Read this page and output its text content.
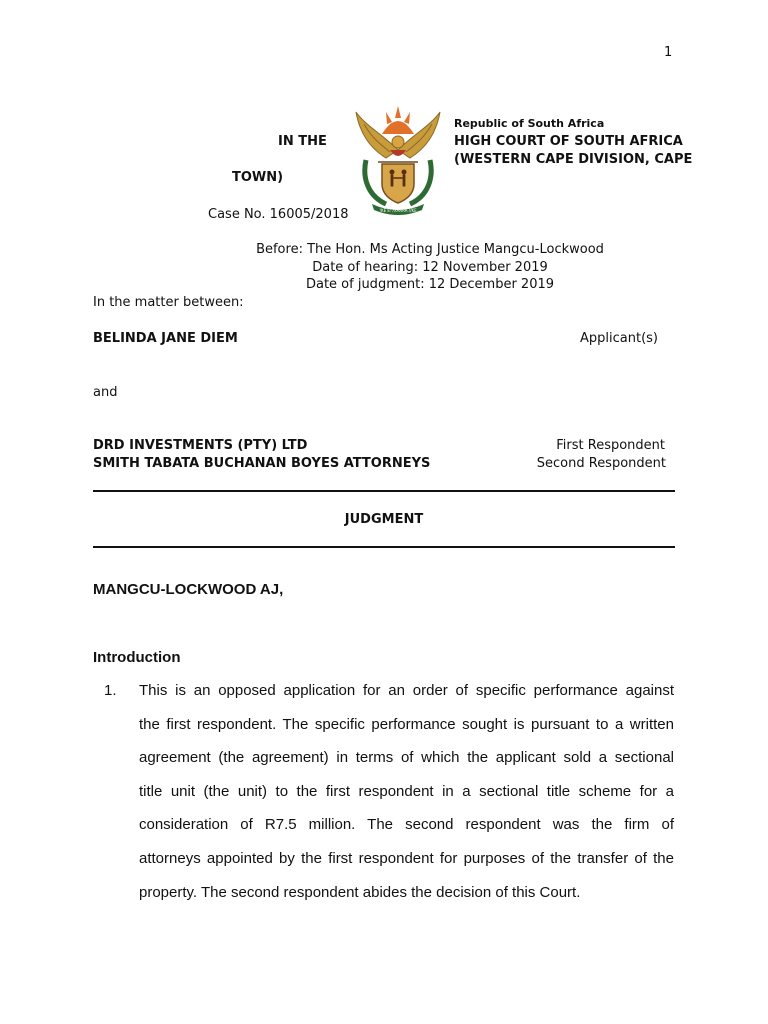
1
IN THE
TOWN)
!KE E: /XARRA //KE
Republic of South Africa
HIGH COURT OF SOUTH AFRICA
(WESTERN CAPE DIVISION, CAPE
Case No. 16005/2018
Before: The Hon. Ms Acting Justice Mangcu-Lockwood
Date of hearing: 12 November 2019
Date of judgment: 12 December 2019
In the matter between:
BELINDA JANE DIEM	Applicant(s)
and
DRD INVESTMENTS (PTY) LTD	First Respondent
SMITH TABATA BUCHANAN BOYES ATTORNEYS	Second Respondent
JUDGMENT
MANGCU-LOCKWOOD AJ,
Introduction
1. This is an opposed application for an order of specific performance against
the first respondent. The specific performance sought is pursuant to a written
agreement (the agreement) in terms of which the applicant sold a sectional
title unit (the unit) to the first respondent in a sectional title scheme for a
consideration of R7.5 million. The second respondent was the firm of
attorneys appointed by the first respondent for purposes of the transfer of the
property. The second respondent abides the decision of this Court.
